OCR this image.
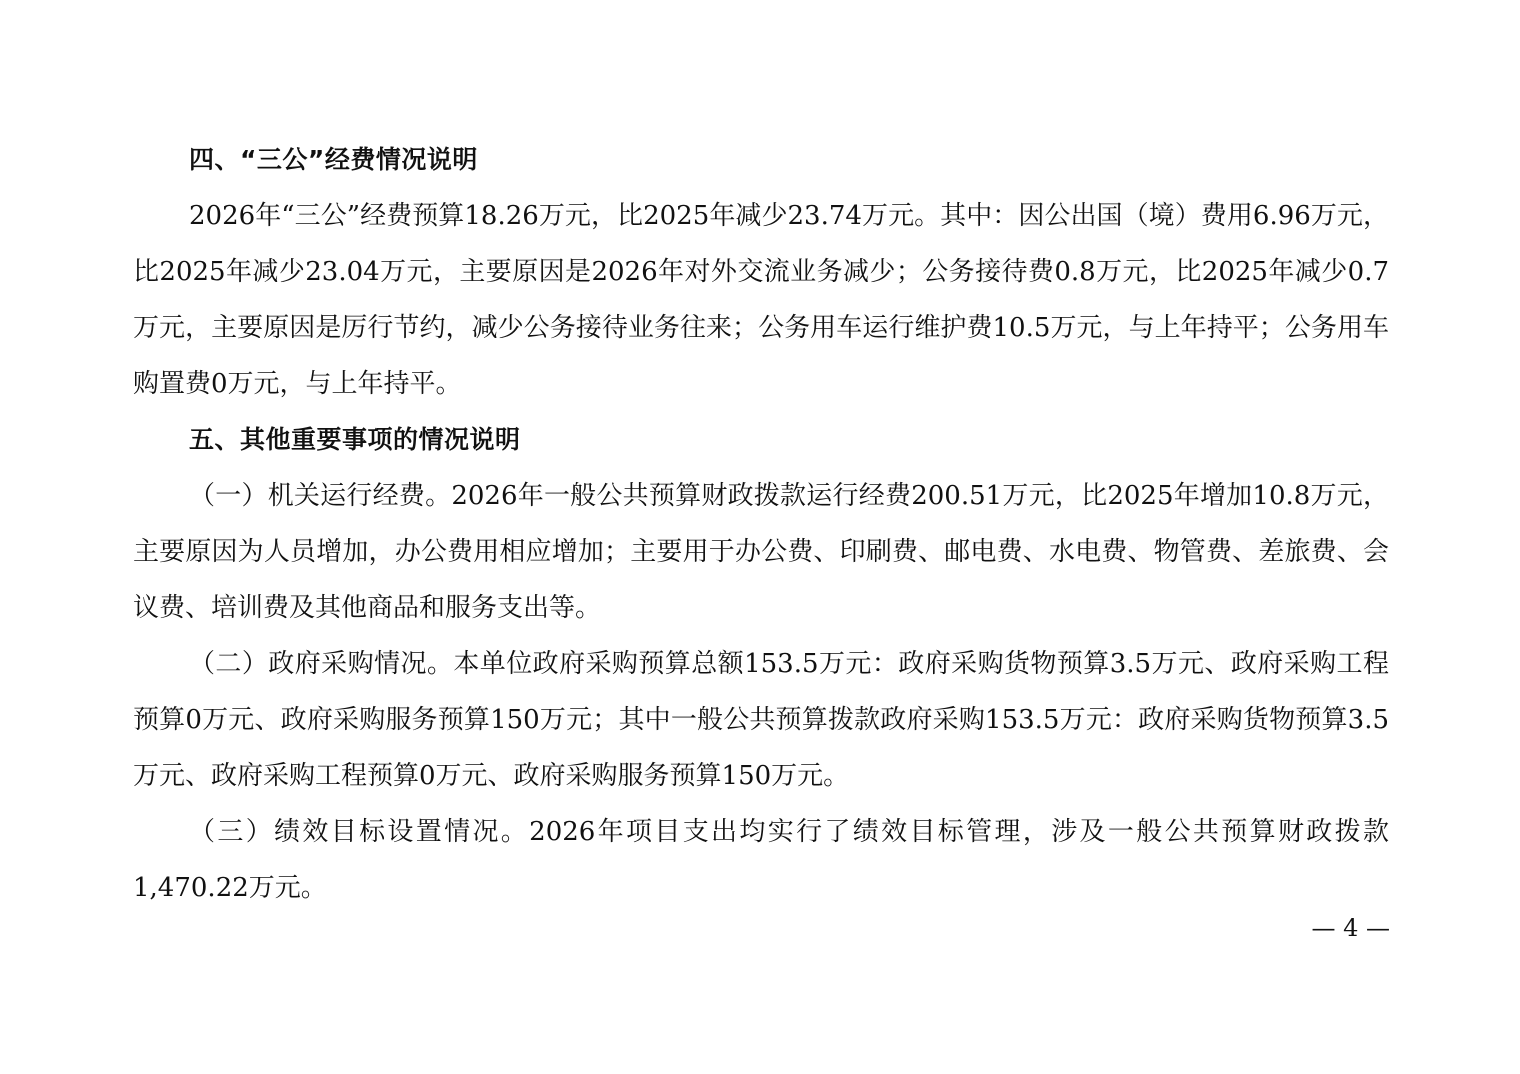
四、“三公”经费情况说明

2026年“三公”经费预算18.26万元，比2025年减少23.74万元。其中：因公出国（境）费用6.96万元，比2025年减少23.04万元，主要原因是2026年对外交流业务减少；公务接待费0.8万元，比2025年减少0.7万元，主要原因是厉行节约，减少公务接待业务往来；公务用车运行维护费10.5万元，与上年持平；公务用车购置费0万元，与上年持平。

五、其他重要事项的情况说明

（一）机关运行经费。2026年一般公共预算财政拨款运行经费200.51万元，比2025年增加10.8万元，主要原因为人员增加，办公费用相应增加；主要用于办公费、印刷费、邮电费、水电费、物管费、差旅费、会议费、培训费及其他商品和服务支出等。

（二）政府采购情况。本单位政府采购预算总额153.5万元：政府采购货物预算3.5万元、政府采购工程预算0万元、政府采购服务预算150万元；其中一般公共预算拨款政府采购153.5万元：政府采购货物预算3.5万元、政府采购工程预算0万元、政府采购服务预算150万元。

（三）绩效目标设置情况。2026年项目支出均实行了绩效目标管理，涉及一般公共预算财政拨款1,470.22万元。

— 4 —
